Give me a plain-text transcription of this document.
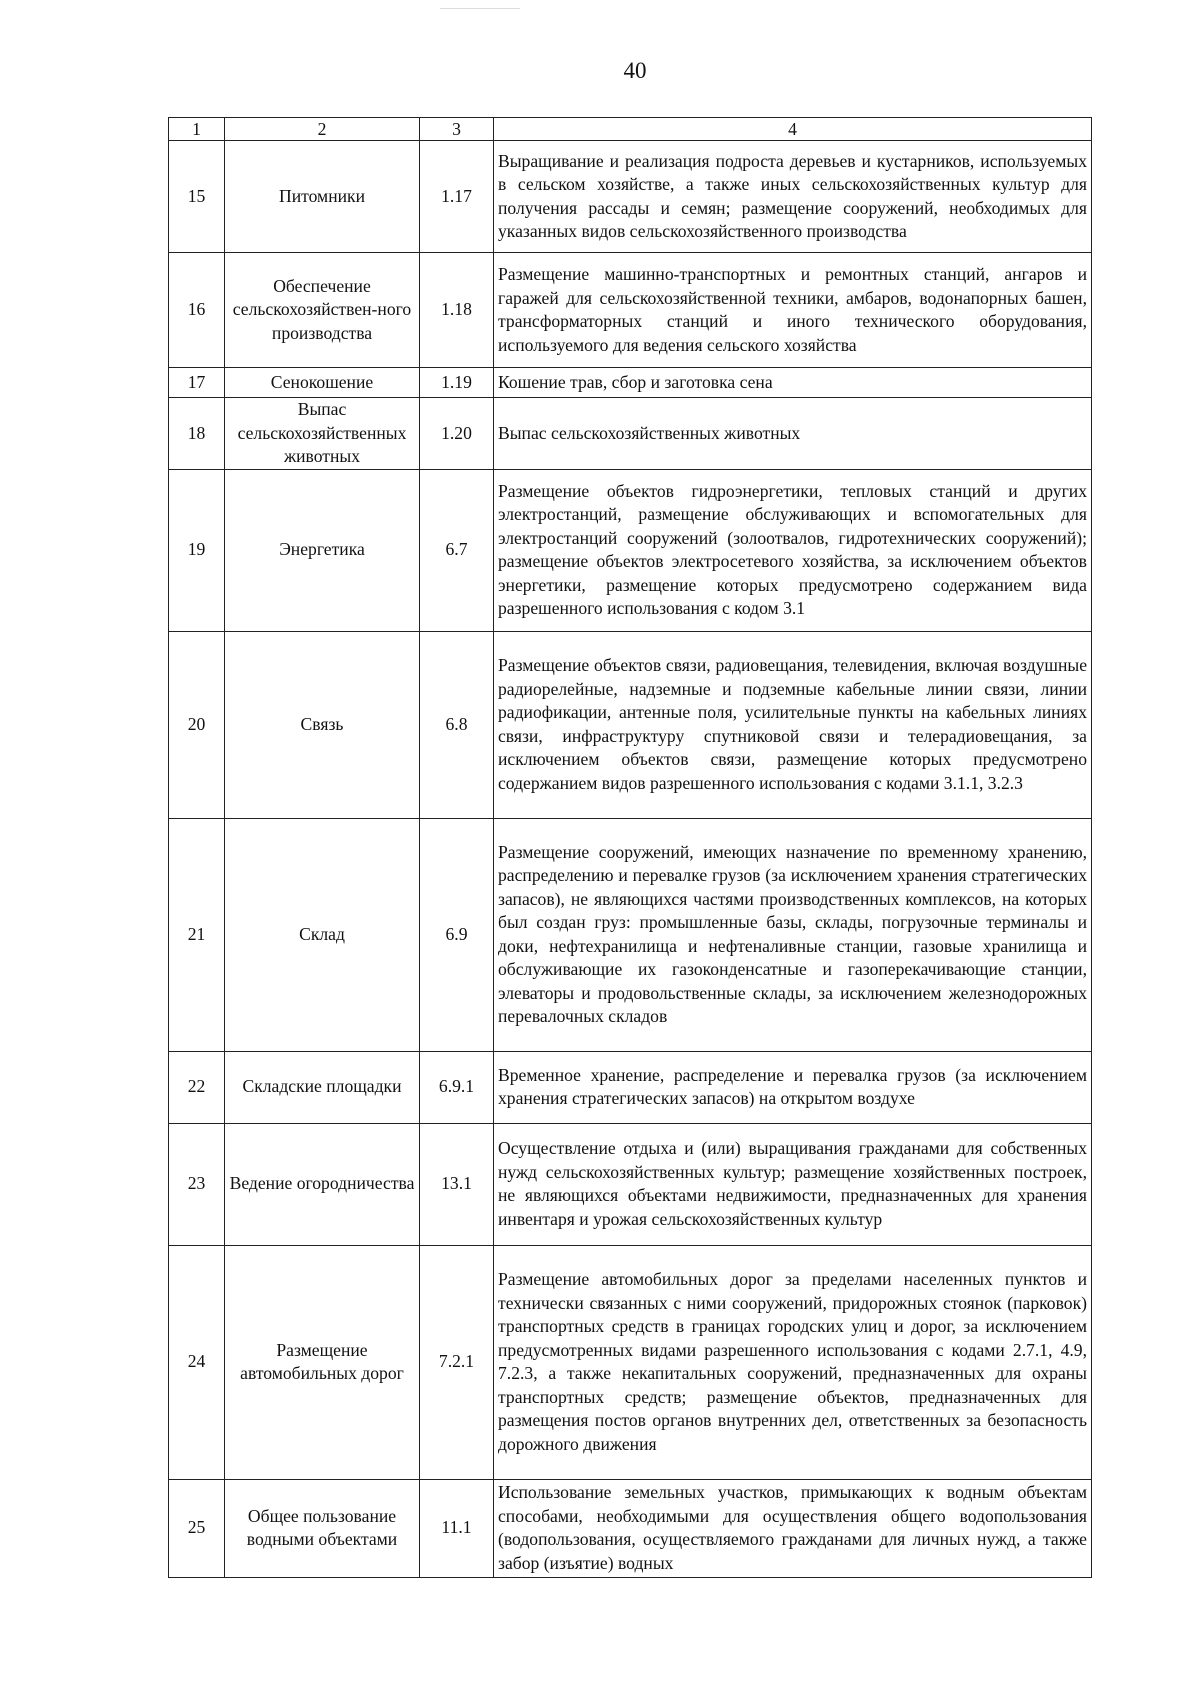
40
1	2	3	4
15	Питомники	1.17	Выращивание и реализация подроста деревьев и кустарников, используемых в сельском хозяйстве, а также иных сельскохозяйственных культур для получения рассады и семян; размещение сооружений, необходимых для указанных видов сельскохозяйственного производства
16	Обеспечение сельскохозяйствен-ного производства	1.18	Размещение машинно-транспортных и ремонтных станций, ангаров и гаражей для сельскохозяйственной техники, амбаров, водонапорных башен, трансформаторных станций и иного технического оборудования, используемого для ведения сельского хозяйства
17	Сенокошение	1.19	Кошение трав, сбор и заготовка сена
18	Выпас сельскохозяйственных животных	1.20	Выпас сельскохозяйственных животных
19	Энергетика	6.7	Размещение объектов гидроэнергетики, тепловых станций и других электростанций, размещение обслуживающих и вспомогательных для электростанций сооружений (золоотвалов, гидротехнических сооружений); размещение объектов электросетевого хозяйства, за исключением объектов энергетики, размещение которых предусмотрено содержанием вида разрешенного использования с кодом 3.1
20	Связь	6.8	Размещение объектов связи, радиовещания, телевидения, включая воздушные радиорелейные, надземные и подземные кабельные линии связи, линии радиофикации, антенные поля, усилительные пункты на кабельных линиях связи, инфраструктуру спутниковой связи и телерадиовещания, за исключением объектов связи, размещение которых предусмотрено содержанием видов разрешенного использования с кодами 3.1.1, 3.2.3
21	Склад	6.9	Размещение сооружений, имеющих назначение по временному хранению, распределению и перевалке грузов (за исключением хранения стратегических запасов), не являющихся частями производственных комплексов, на которых был создан груз: промышленные базы, склады, погрузочные терминалы и доки, нефтехранилища и нефтеналивные станции, газовые хранилища и обслуживающие их газоконденсатные и газоперекачивающие станции, элеваторы и продовольственные склады, за исключением железнодорожных перевалочных складов
22	Складские площадки	6.9.1	Временное хранение, распределение и перевалка грузов (за исключением хранения стратегических запасов) на открытом воздухе
23	Ведение огородничества	13.1	Осуществление отдыха и (или) выращивания гражданами для собственных нужд сельскохозяйственных культур; размещение хозяйственных построек, не являющихся объектами недвижимости, предназначенных для хранения инвентаря и урожая сельскохозяйственных культур
24	Размещение автомобильных дорог	7.2.1	Размещение автомобильных дорог за пределами населенных пунктов и технически связанных с ними сооружений, придорожных стоянок (парковок) транспортных средств в границах городских улиц и дорог, за исключением предусмотренных видами разрешенного использования с кодами 2.7.1, 4.9, 7.2.3, а также некапитальных сооружений, предназначенных для охраны транспортных средств; размещение объектов, предназначенных для размещения постов органов внутренних дел, ответственных за безопасность дорожного движения
25	Общее пользование водными объектами	11.1	Использование земельных участков, примыкающих к водным объектам способами, необходимыми для осуществления общего водопользования (водопользования, осуществляемого гражданами для личных нужд, а также забор (изъятие) водных
